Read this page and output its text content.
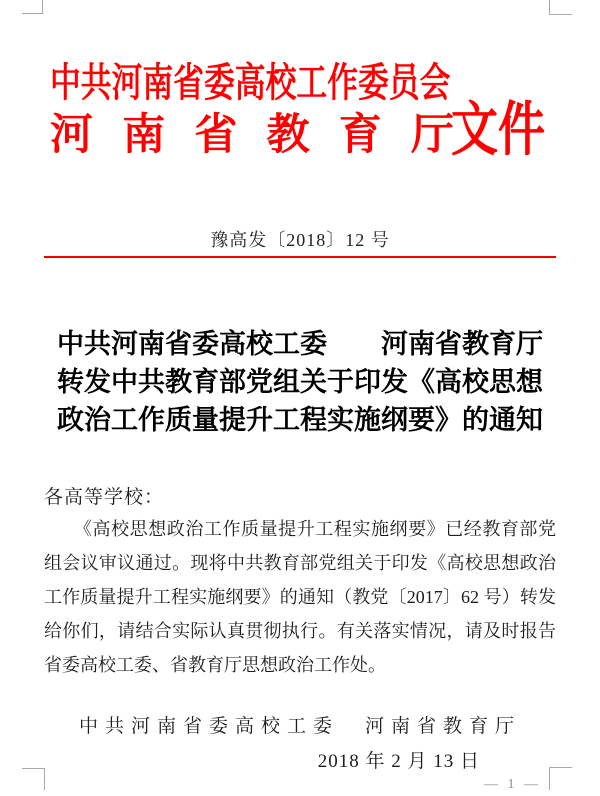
中共河南省委高校工作委员会
河南省教育厅
文件
豫高发〔2018〕12 号
中共河南省委高校工委　　河南省教育厅
转发中共教育部党组关于印发《高校思想
政治工作质量提升工程实施纲要》的通知
各高等学校：
《高校思想政治工作质量提升工程实施纲要》已经教育部党
组会议审议通过。现将中共教育部党组关于印发《高校思想政治
工作质量提升工程实施纲要》的通知（教党〔2017〕62 号）转发
给你们，请结合实际认真贯彻执行。有关落实情况，请及时报告
省委高校工委、省教育厅思想政治工作处。
中共河南省委高校工委　河南省教育厅
2018 年 2 月 13 日
— 1 —
